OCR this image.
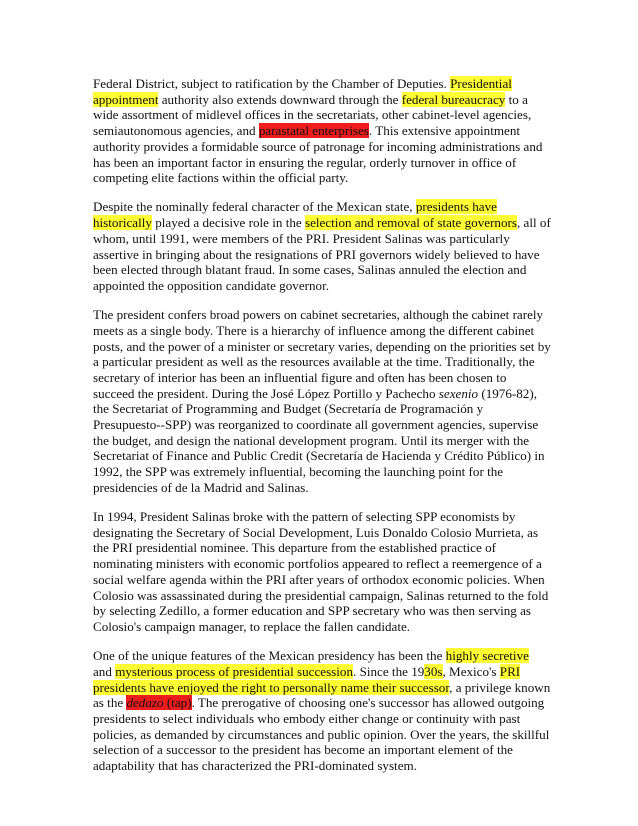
Federal District, subject to ratification by the Chamber of Deputies. Presidential appointment authority also extends downward through the federal bureaucracy to a wide assortment of midlevel offices in the secretariats, other cabinet-level agencies, semiautonomous agencies, and parastatal enterprises. This extensive appointment authority provides a formidable source of patronage for incoming administrations and has been an important factor in ensuring the regular, orderly turnover in office of competing elite factions within the official party.

Despite the nominally federal character of the Mexican state, presidents have historically played a decisive role in the selection and removal of state governors, all of whom, until 1991, were members of the PRI. President Salinas was particularly assertive in bringing about the resignations of PRI governors widely believed to have been elected through blatant fraud. In some cases, Salinas annuled the election and appointed the opposition candidate governor.

The president confers broad powers on cabinet secretaries, although the cabinet rarely meets as a single body. There is a hierarchy of influence among the different cabinet posts, and the power of a minister or secretary varies, depending on the priorities set by a particular president as well as the resources available at the time. Traditionally, the secretary of interior has been an influential figure and often has been chosen to succeed the president. During the José López Portillo y Pachecho sexenio (1976-82), the Secretariat of Programming and Budget (Secretaría de Programación y Presupuesto--SPP) was reorganized to coordinate all government agencies, supervise the budget, and design the national development program. Until its merger with the Secretariat of Finance and Public Credit (Secretaría de Hacienda y Crédito Público) in 1992, the SPP was extremely influential, becoming the launching point for the presidencies of de la Madrid and Salinas.

In 1994, President Salinas broke with the pattern of selecting SPP economists by designating the Secretary of Social Development, Luis Donaldo Colosio Murrieta, as the PRI presidential nominee. This departure from the established practice of nominating ministers with economic portfolios appeared to reflect a reemergence of a social welfare agenda within the PRI after years of orthodox economic policies. When Colosio was assassinated during the presidential campaign, Salinas returned to the fold by selecting Zedillo, a former education and SPP secretary who was then serving as Colosio's campaign manager, to replace the fallen candidate.

One of the unique features of the Mexican presidency has been the highly secretive and mysterious process of presidential succession. Since the 1930s, Mexico's PRI presidents have enjoyed the right to personally name their successor, a privilege known as the dedazo (tap). The prerogative of choosing one's successor has allowed outgoing presidents to select individuals who embody either change or continuity with past policies, as demanded by circumstances and public opinion. Over the years, the skillful selection of a successor to the president has become an important element of the adaptability that has characterized the PRI-dominated system.
